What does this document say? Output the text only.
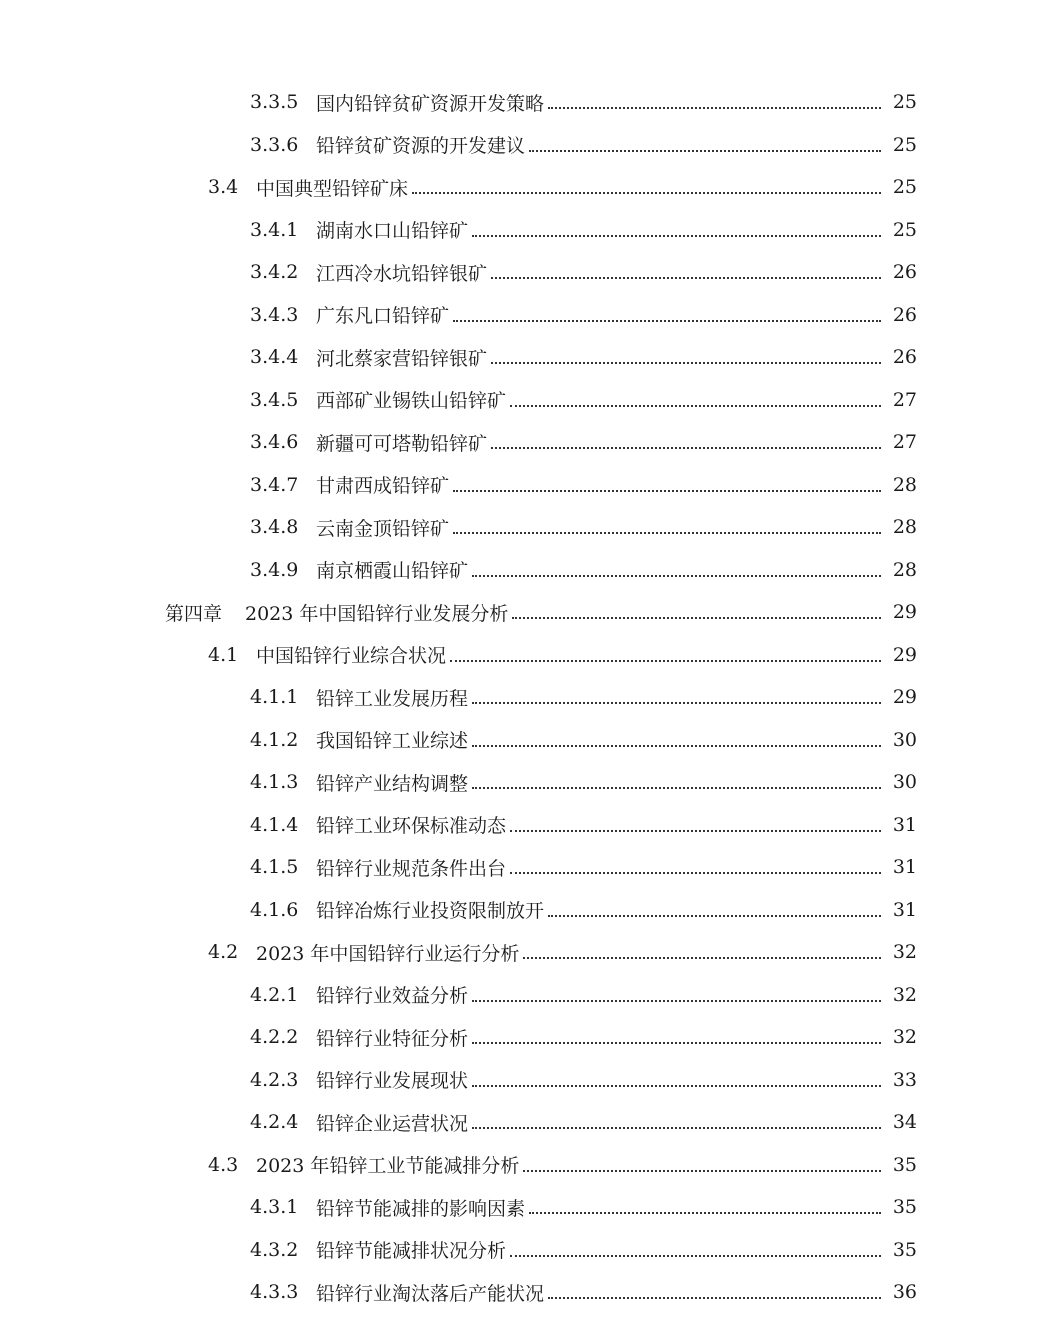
3.3.5 国内铅锌贫矿资源开发策略	25
3.3.6 铅锌贫矿资源的开发建议	25
3.4 中国典型铅锌矿床	25
3.4.1 湖南水口山铅锌矿	25
3.4.2 江西冷水坑铅锌银矿	26
3.4.3 广东凡口铅锌矿	26
3.4.4 河北蔡家营铅锌银矿	26
3.4.5 西部矿业锡铁山铅锌矿	27
3.4.6 新疆可可塔勒铅锌矿	27
3.4.7 甘肃西成铅锌矿	28
3.4.8 云南金顶铅锌矿	28
3.4.9 南京栖霞山铅锌矿	28
第四章	2023 年中国铅锌行业发展分析	29
4.1 中国铅锌行业综合状况	29
4.1.1 铅锌工业发展历程	29
4.1.2 我国铅锌工业综述	30
4.1.3 铅锌产业结构调整	30
4.1.4 铅锌工业环保标准动态	31
4.1.5 铅锌行业规范条件出台	31
4.1.6 铅锌冶炼行业投资限制放开	31
4.2 2023 年中国铅锌行业运行分析	32
4.2.1 铅锌行业效益分析	32
4.2.2 铅锌行业特征分析	32
4.2.3 铅锌行业发展现状	33
4.2.4 铅锌企业运营状况	34
4.3 2023 年铅锌工业节能减排分析	35
4.3.1 铅锌节能减排的影响因素	35
4.3.2 铅锌节能减排状况分析	35
4.3.3 铅锌行业淘汰落后产能状况	36
